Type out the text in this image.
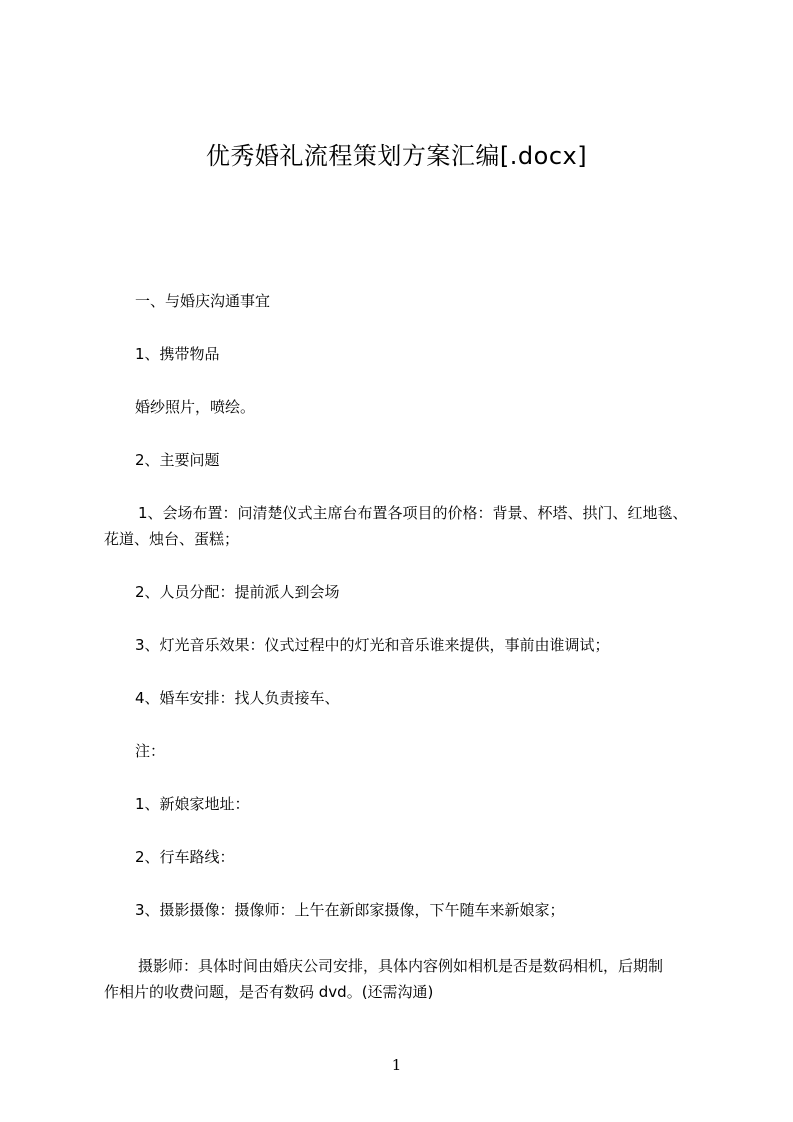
优秀婚礼流程策划方案汇编[.docx]
一、与婚庆沟通事宜
1、携带物品
婚纱照片，喷绘。
2、主要问题
1、会场布置：问清楚仪式主席台布置各项目的价格：背景、杯塔、拱门、红地毯、
花道、烛台、蛋糕；
2、人员分配：提前派人到会场
3、灯光音乐效果：仪式过程中的灯光和音乐谁来提供，事前由谁调试；
4、婚车安排：找人负责接车、
注：
1、新娘家地址：
2、行车路线：
3、摄影摄像：摄像师：上午在新郎家摄像，下午随车来新娘家；
摄影师：具体时间由婚庆公司安排，具体内容例如相机是否是数码相机，后期制
作相片的收费问题，是否有数码 dvd。(还需沟通)
1
